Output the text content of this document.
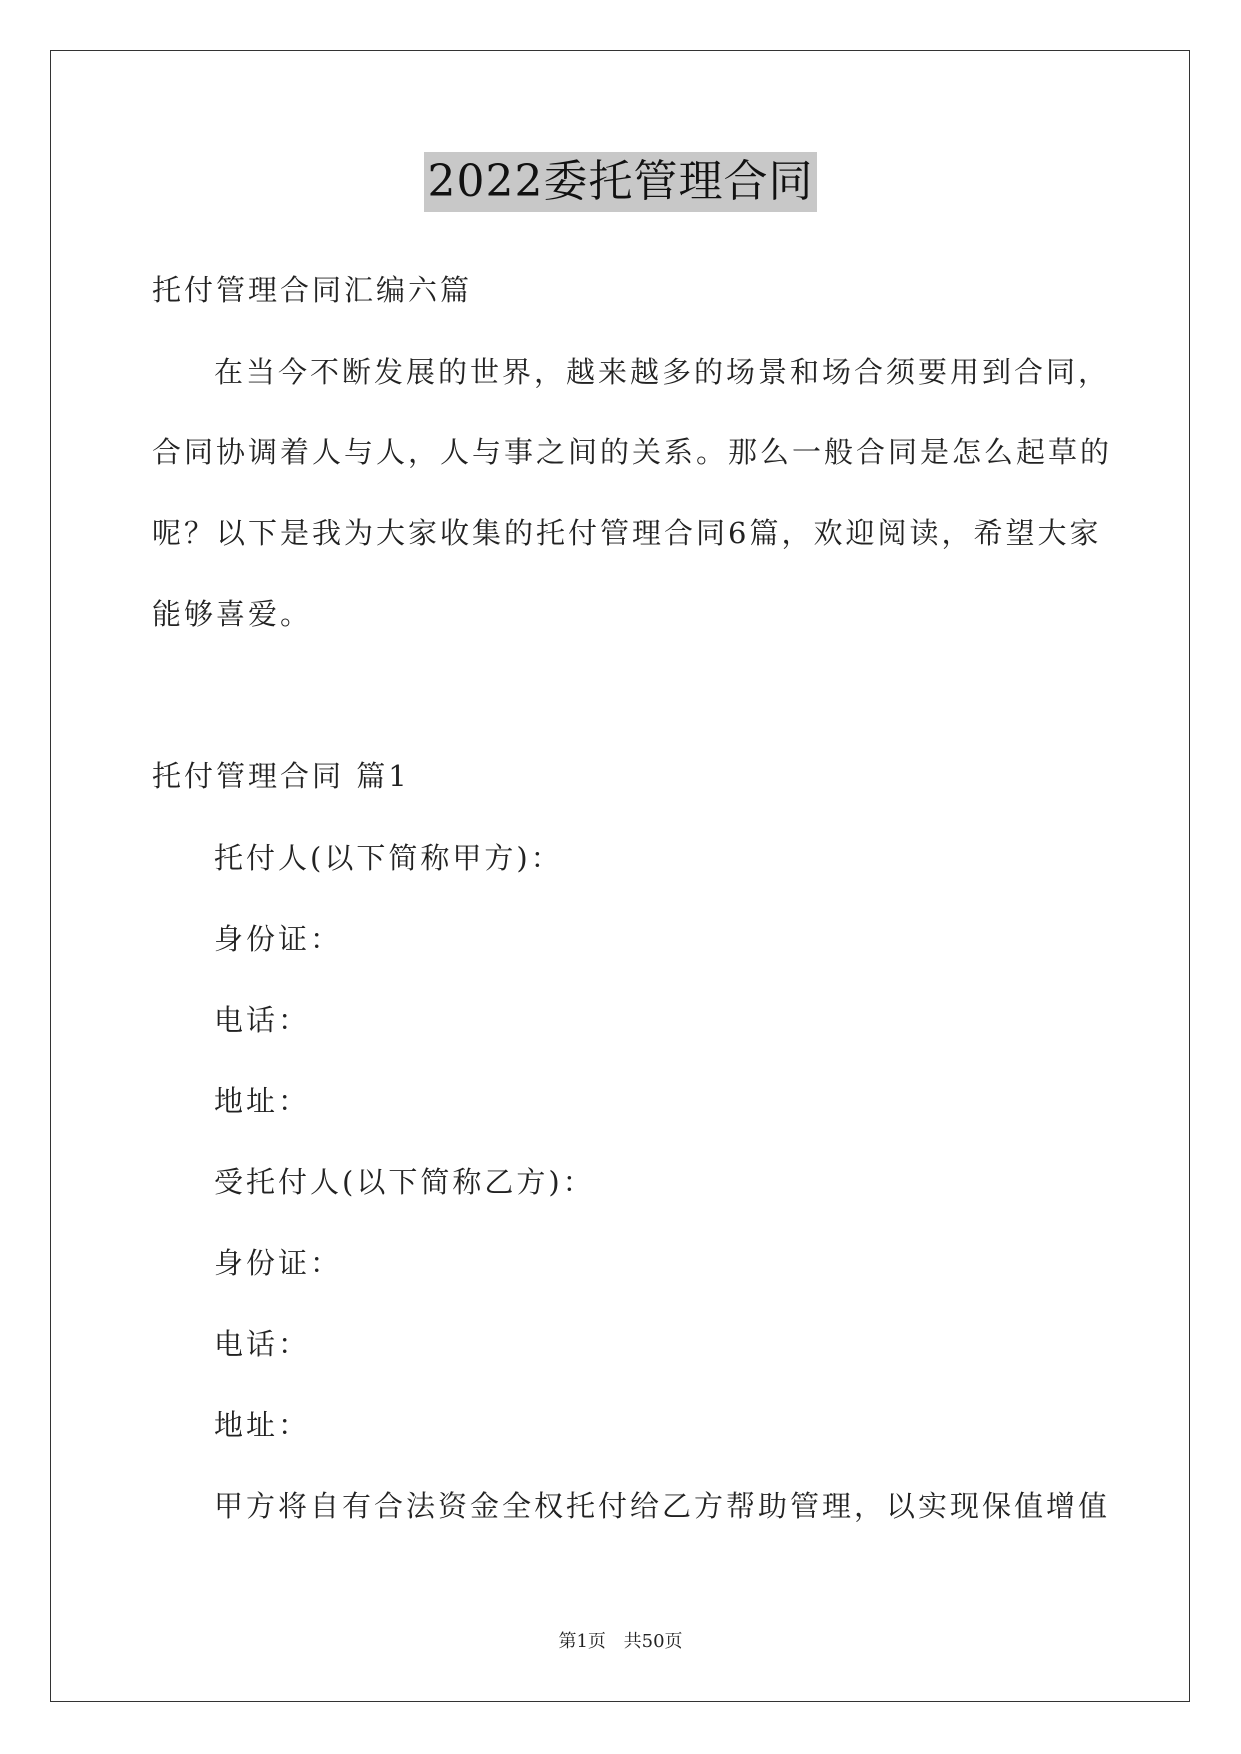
2022委托管理合同
托付管理合同汇编六篇
在当今不断发展的世界，越来越多的场景和场合须要用到合同，
合同协调着人与人，人与事之间的关系。那么一般合同是怎么起草的
呢？以下是我为大家收集的托付管理合同6篇，欢迎阅读，希望大家
能够喜爱。
托付管理合同 篇1
托付人(以下简称甲方)：
身份证：
电话：
地址：
受托付人(以下简称乙方)：
身份证：
电话：
地址：
甲方将自有合法资金全权托付给乙方帮助管理，以实现保值增值
第1页 共50页
